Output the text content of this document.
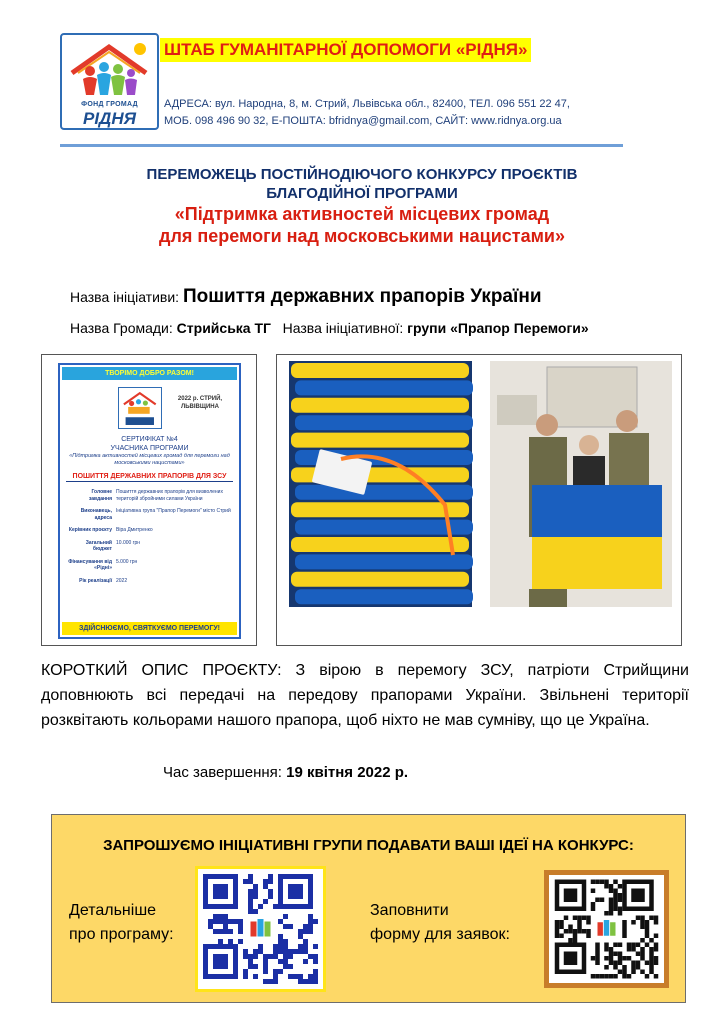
ФОНД ГРОМАД
РІДНЯ
ШТАБ ГУМАНІТАРНОЇ ДОПОМОГИ «РІДНЯ»
АДРЕСА: вул. Народна, 8, м. Стрий, Львівська обл., 82400, ТЕЛ. 096 551 22 47,
МОБ. 098 496 90 32, Е-ПОШТА: bfridnya@gmail.com, САЙТ: www.ridnya.org.ua
ПЕРЕМОЖЕЦЬ ПОСТІЙНОДІЮЧОГО КОНКУРСУ ПРОЄКТІВ
БЛАГОДІЙНОЇ ПРОГРАМИ
«Підтримка активностей місцевих громад
для перемоги над московськими нацистами»
Назва ініціативи: Пошиття державних прапорів України
Назва Громади: Стрийська ТГ Назва ініціативної: групи «Прапор Перемоги»
ТВОРІМО ДОБРО РАЗОМ!
2022 р. СТРИЙ, ЛЬВІВЩИНА
СЕРТИФІКАТ №4
УЧАСНИКА ПРОГРАМИ
«Підтримка активностей місцевих громад для перемоги над московськими нацистами»
ПОШИТТЯ ДЕРЖАВНИХ ПРАПОРІВ ДЛЯ ЗСУ
Головне завдання
Пошиття державних прапорів для визволених територій збройними силами України
Виконавець, адреса
Ініціативна група "Прапор Перемоги" місто Стрий
Керівник проєкту Віра Дмитренко
Загальний бюджет
10.000 грн
Фінансування від «Рідні»
5.000 грн
Рік реалізації 2022
ЗДІЙСНЮЄМО, СВЯТКУЄМО ПЕРЕМОГУ!
КОРОТКИЙ ОПИС ПРОЄКТУ: З вірою в перемогу ЗСУ, патріоти Стрийщини доповнюють всі передачі на передову прапорами України. Звільнені території розквітають кольорами нашого прапора, щоб ніхто не мав сумніву, що це Україна.
Час завершення: 19 квітня 2022 р.
ЗАПРОШУЄМО ІНІЦІАТИВНІ ГРУПИ ПОДАВАТИ ВАШІ ІДЕЇ НА КОНКУРС:
Детальніше
про програму:
Заповнити
форму для заявок:
